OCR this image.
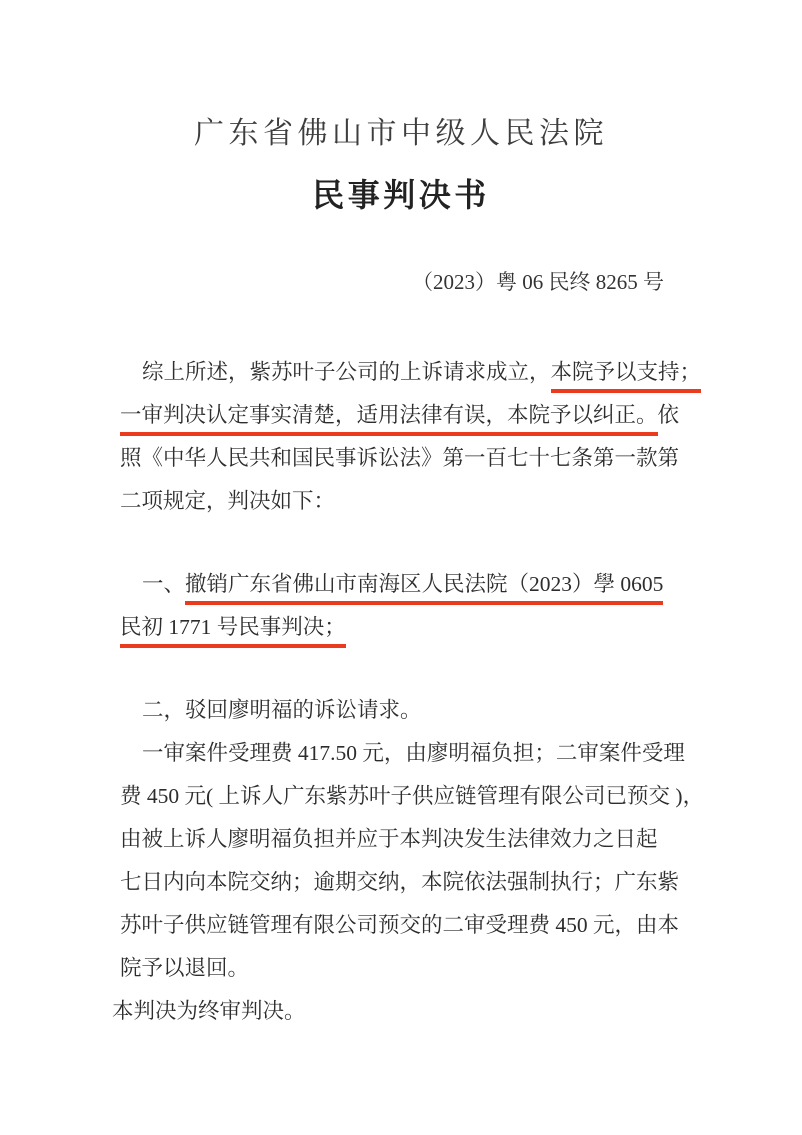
广东省佛山市中级人民法院
民事判决书
（2023）粤 06 民终 8265 号
综上所述，紫苏叶子公司的上诉请求成立，本院予以支持；
一审判决认定事实清楚，适用法律有误，本院予以纠正。依
照《中华人民共和国民事诉讼法》第一百七十七条第一款第
二项规定，判决如下：
一、撤销广东省佛山市南海区人民法院（2023）學 0605
民初 1771 号民事判决；
二，驳回廖明福的诉讼请求。
一审案件受理费 417.50 元，由廖明福负担；二审案件受理
费 450 元( 上诉人广东紫苏叶子供应链管理有限公司已预交 )，
由被上诉人廖明福负担并应于本判决发生法律效力之日起
七日内向本院交纳；逾期交纳，本院依法强制执行；广东紫
苏叶子供应链管理有限公司预交的二审受理费 450 元，由本
院予以退回。
本判决为终审判决。
